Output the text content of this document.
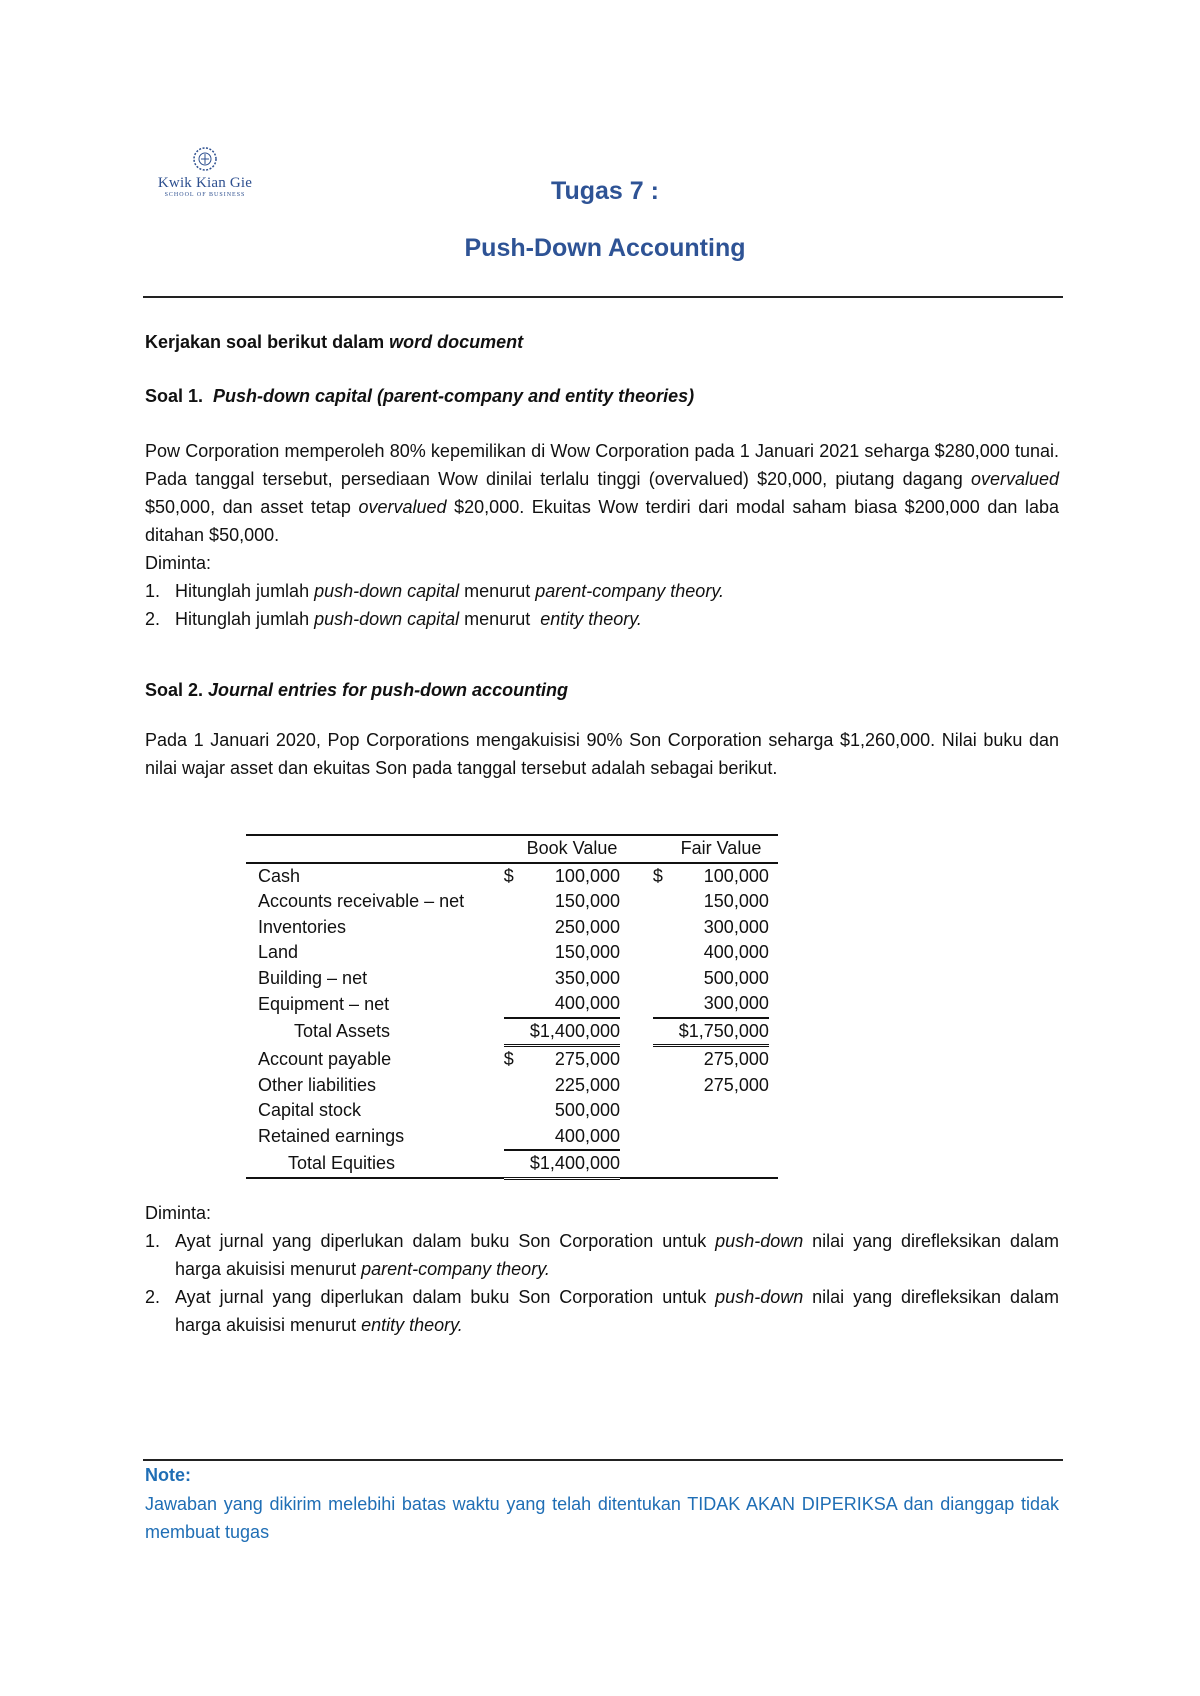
Kwik Kian Gie
SCHOOL OF BUSINESS	Tugas 7 :
Push-Down Accounting
Kerjakan soal berikut dalam word document
Soal 1.  Push-down capital (parent-company and entity theories)
Pow Corporation memperoleh 80% kepemilikan di Wow Corporation pada 1 Januari 2021 seharga $280,000 tunai. Pada tanggal tersebut, persediaan Wow dinilai terlalu tinggi (overvalued) $20,000, piutang dagang overvalued $50,000, dan asset tetap overvalued $20,000. Ekuitas Wow terdiri dari modal saham biasa $200,000 dan laba ditahan $50,000.
Diminta:
1. Hitunglah jumlah push-down capital menurut parent-company theory.
2. Hitunglah jumlah push-down capital menurut  entity theory.
Soal 2. Journal entries for push-down accounting
Pada 1 Januari 2020, Pop Corporations mengakuisisi 90% Son Corporation seharga $1,260,000. Nilai buku dan nilai wajar asset dan ekuitas Son pada tanggal tersebut adalah sebagai berikut.
		Book Value			Fair Value	
Cash	$	100,000		$	100,000	
Accounts receivable – net		150,000			150,000	
Inventories		250,000			300,000	
Land		150,000			400,000	
Building – net		350,000			500,000	
Equipment – net		400,000			300,000	
Total Assets		$1,400,000			$1,750,000	
Account payable	$	275,000			275,000	
Other liabilities		225,000			275,000	
Capital stock		500,000				
Retained earnings		400,000				
Total Equities		$1,400,000				
Diminta:
1. Ayat jurnal yang diperlukan dalam buku Son Corporation untuk push-down nilai yang direfleksikan dalam harga akuisisi menurut parent-company theory.
2. Ayat jurnal yang diperlukan dalam buku Son Corporation untuk push-down nilai yang direfleksikan dalam harga akuisisi menurut entity theory.
Note:
Jawaban yang dikirim melebihi batas waktu yang telah ditentukan TIDAK AKAN DIPERIKSA dan dianggap tidak membuat tugas
